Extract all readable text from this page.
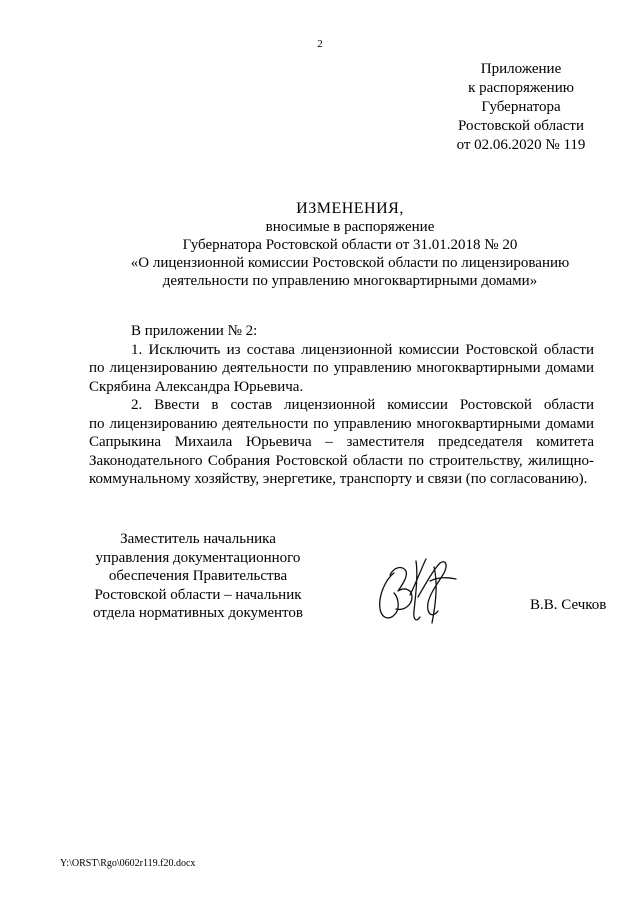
2
Приложение
к распоряжению
Губернатора
Ростовской области
от 02.06.2020 № 119
ИЗМЕНЕНИЯ,
вносимые в распоряжение
Губернатора Ростовской области от 31.01.2018 № 20
«О лицензионной комиссии Ростовской области по лицензированию
деятельности по управлению многоквартирными домами»
В приложении № 2:
1. Исключить из состава лицензионной комиссии Ростовской области
по лицензированию деятельности по управлению многоквартирными домами
Скрябина Александра Юрьевича.
2. Ввести в состав лицензионной комиссии Ростовской области
по лицензированию деятельности по управлению многоквартирными домами
Сапрыкина Михаила Юрьевича – заместителя председателя комитета
Законодательного Собрания Ростовской области по строительству, жилищно-
коммунальному хозяйству, энергетике, транспорту и связи (по согласованию).
Заместитель начальника
управления документационного
обеспечения Правительства
Ростовской области – начальник
отдела нормативных документов	В.В. Сечков
Y:\ORST\Rgo\0602r119.f20.docx
